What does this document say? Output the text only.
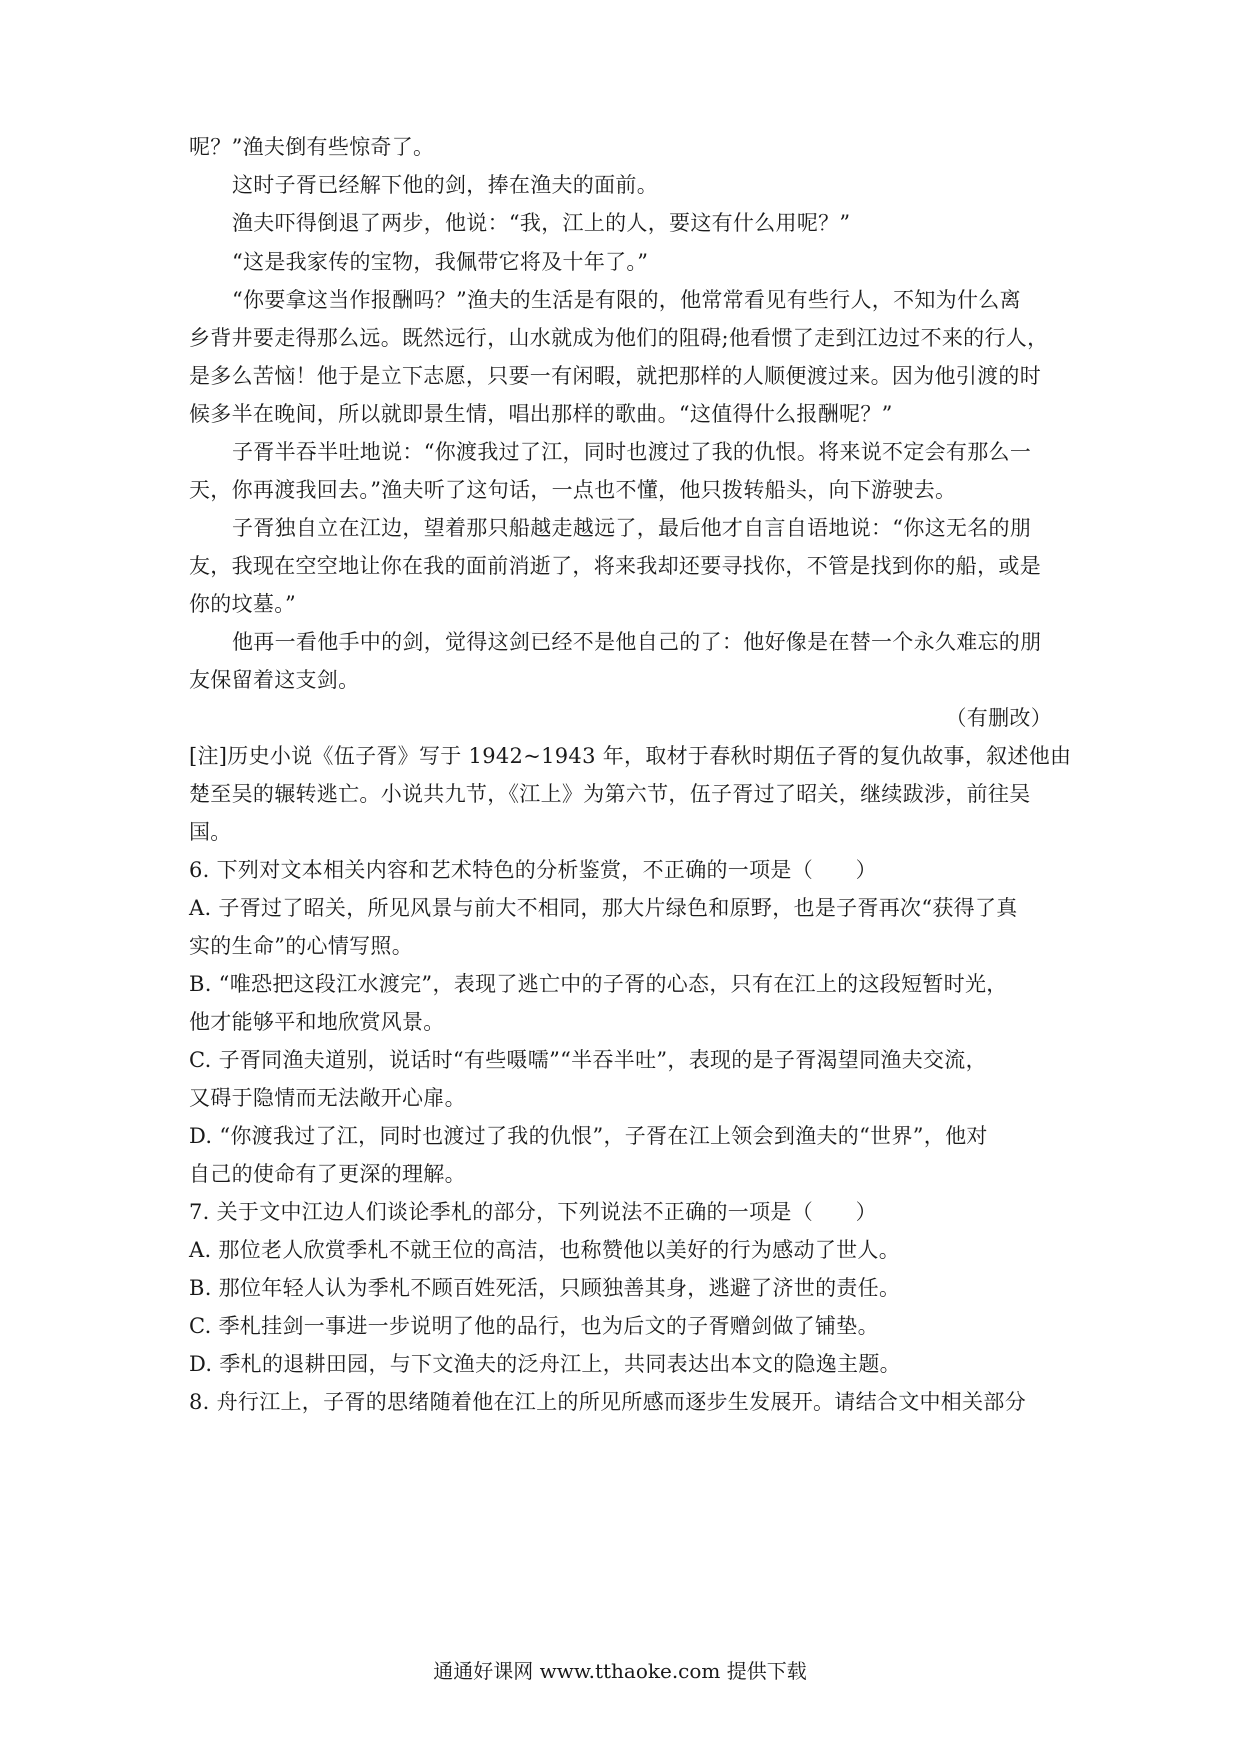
呢？”渔夫倒有些惊奇了。
这时子胥已经解下他的剑，捧在渔夫的面前。
渔夫吓得倒退了两步，他说：“我，江上的人，要这有什么用呢？”
“这是我家传的宝物，我佩带它将及十年了。”
“你要拿这当作报酬吗？”渔夫的生活是有限的，他常常看见有些行人，不知为什么离
乡背井要走得那么远。既然远行，山水就成为他们的阻碍;他看惯了走到江边过不来的行人，
是多么苦恼！他于是立下志愿，只要一有闲暇，就把那样的人顺便渡过来。因为他引渡的时
候多半在晚间，所以就即景生情，唱出那样的歌曲。“这值得什么报酬呢？”
子胥半吞半吐地说：“你渡我过了江，同时也渡过了我的仇恨。将来说不定会有那么一
天，你再渡我回去。”渔夫听了这句话，一点也不懂，他只拨转船头，向下游驶去。
子胥独自立在江边，望着那只船越走越远了，最后他才自言自语地说：“你这无名的朋
友，我现在空空地让你在我的面前消逝了，将来我却还要寻找你，不管是找到你的船，或是
你的坟墓。”
他再一看他手中的剑，觉得这剑已经不是他自己的了：他好像是在替一个永久难忘的朋
友保留着这支剑。
（有删改）
[注]历史小说《伍子胥》写于 1942~1943 年，取材于春秋时期伍子胥的复仇故事，叙述他由
楚至吴的辗转逃亡。小说共九节，《江上》为第六节，伍子胥过了昭关，继续跋涉，前往吴
国。
6. 下列对文本相关内容和艺术特色的分析鉴赏，不正确的一项是（　　）
A. 子胥过了昭关，所见风景与前大不相同，那大片绿色和原野，也是子胥再次“获得了真
实的生命”的心情写照。
B. “唯恐把这段江水渡完”，表现了逃亡中的子胥的心态，只有在江上的这段短暂时光，
他才能够平和地欣赏风景。
C. 子胥同渔夫道别，说话时“有些嗫嚅”“半吞半吐”，表现的是子胥渴望同渔夫交流，
又碍于隐情而无法敞开心扉。
D. “你渡我过了江，同时也渡过了我的仇恨”，子胥在江上领会到渔夫的“世界”，他对
自己的使命有了更深的理解。
7. 关于文中江边人们谈论季札的部分，下列说法不正确的一项是（　　）
A. 那位老人欣赏季札不就王位的高洁，也称赞他以美好的行为感动了世人。
B. 那位年轻人认为季札不顾百姓死活，只顾独善其身，逃避了济世的责任。
C. 季札挂剑一事进一步说明了他的品行，也为后文的子胥赠剑做了铺垫。
D. 季札的退耕田园，与下文渔夫的泛舟江上，共同表达出本文的隐逸主题。
8. 舟行江上，子胥的思绪随着他在江上的所见所感而逐步生发展开。请结合文中相关部分
通通好课网 www.tthaoke.com 提供下载
